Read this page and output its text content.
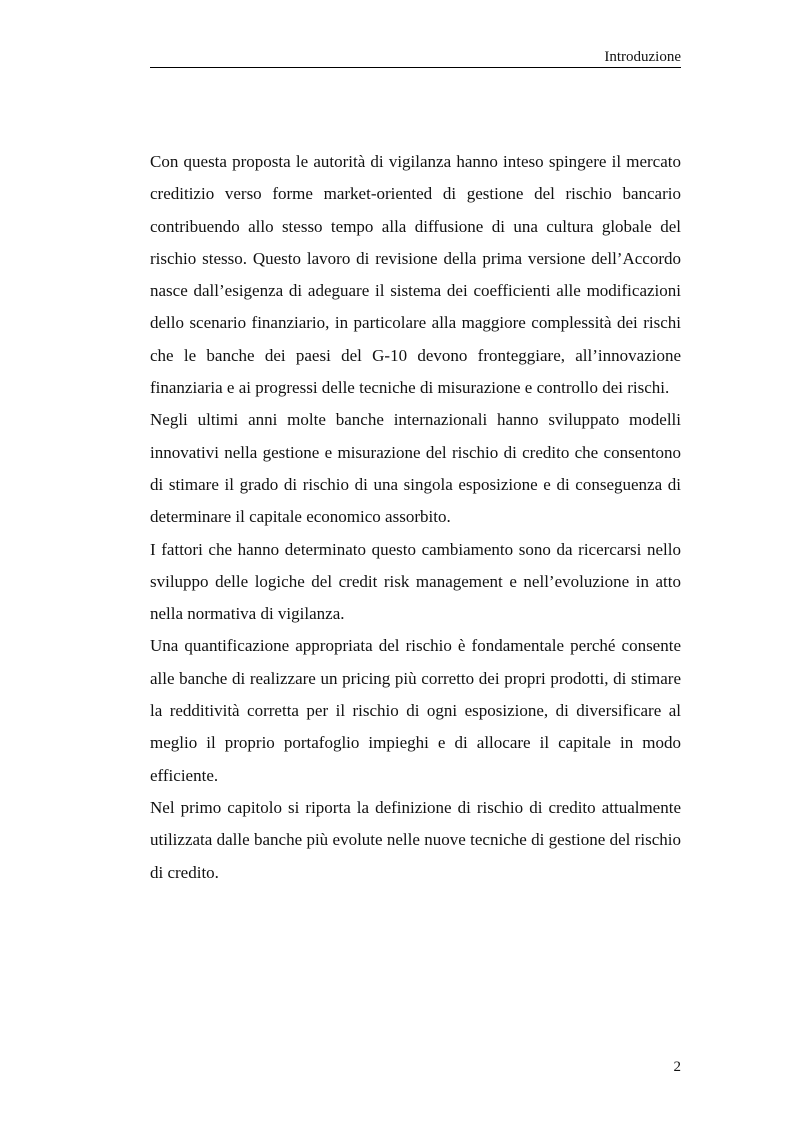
Introduzione

Con questa proposta le autorità di vigilanza hanno inteso spingere il mercato creditizio verso forme market-oriented di gestione del rischio bancario contribuendo allo stesso tempo alla diffusione di una cultura globale del rischio stesso. Questo lavoro di revisione della prima versione dell’Accordo nasce dall’esigenza di adeguare il sistema dei coefficienti alle modificazioni dello scenario finanziario, in particolare alla maggiore complessità dei rischi che le banche dei paesi del G-10 devono fronteggiare, all’innovazione finanziaria e ai progressi delle tecniche di misurazione e controllo dei rischi.

Negli ultimi anni molte banche internazionali hanno sviluppato modelli innovativi nella gestione e misurazione del rischio di credito che consentono di stimare il grado di rischio di una singola esposizione e di conseguenza di determinare il capitale economico assorbito.

I fattori che hanno determinato questo cambiamento sono da ricercarsi nello sviluppo delle logiche del credit risk management e nell’evoluzione in atto nella normativa di vigilanza.

Una quantificazione appropriata del rischio è fondamentale perché consente alle banche di realizzare un pricing più corretto dei propri prodotti, di stimare la redditività corretta per il rischio di ogni esposizione, di diversificare al meglio il proprio portafoglio impieghi e di allocare il capitale in modo efficiente.

Nel primo capitolo si riporta la definizione di rischio di credito attualmente utilizzata dalle banche più evolute nelle nuove tecniche di gestione del rischio di credito.

2
